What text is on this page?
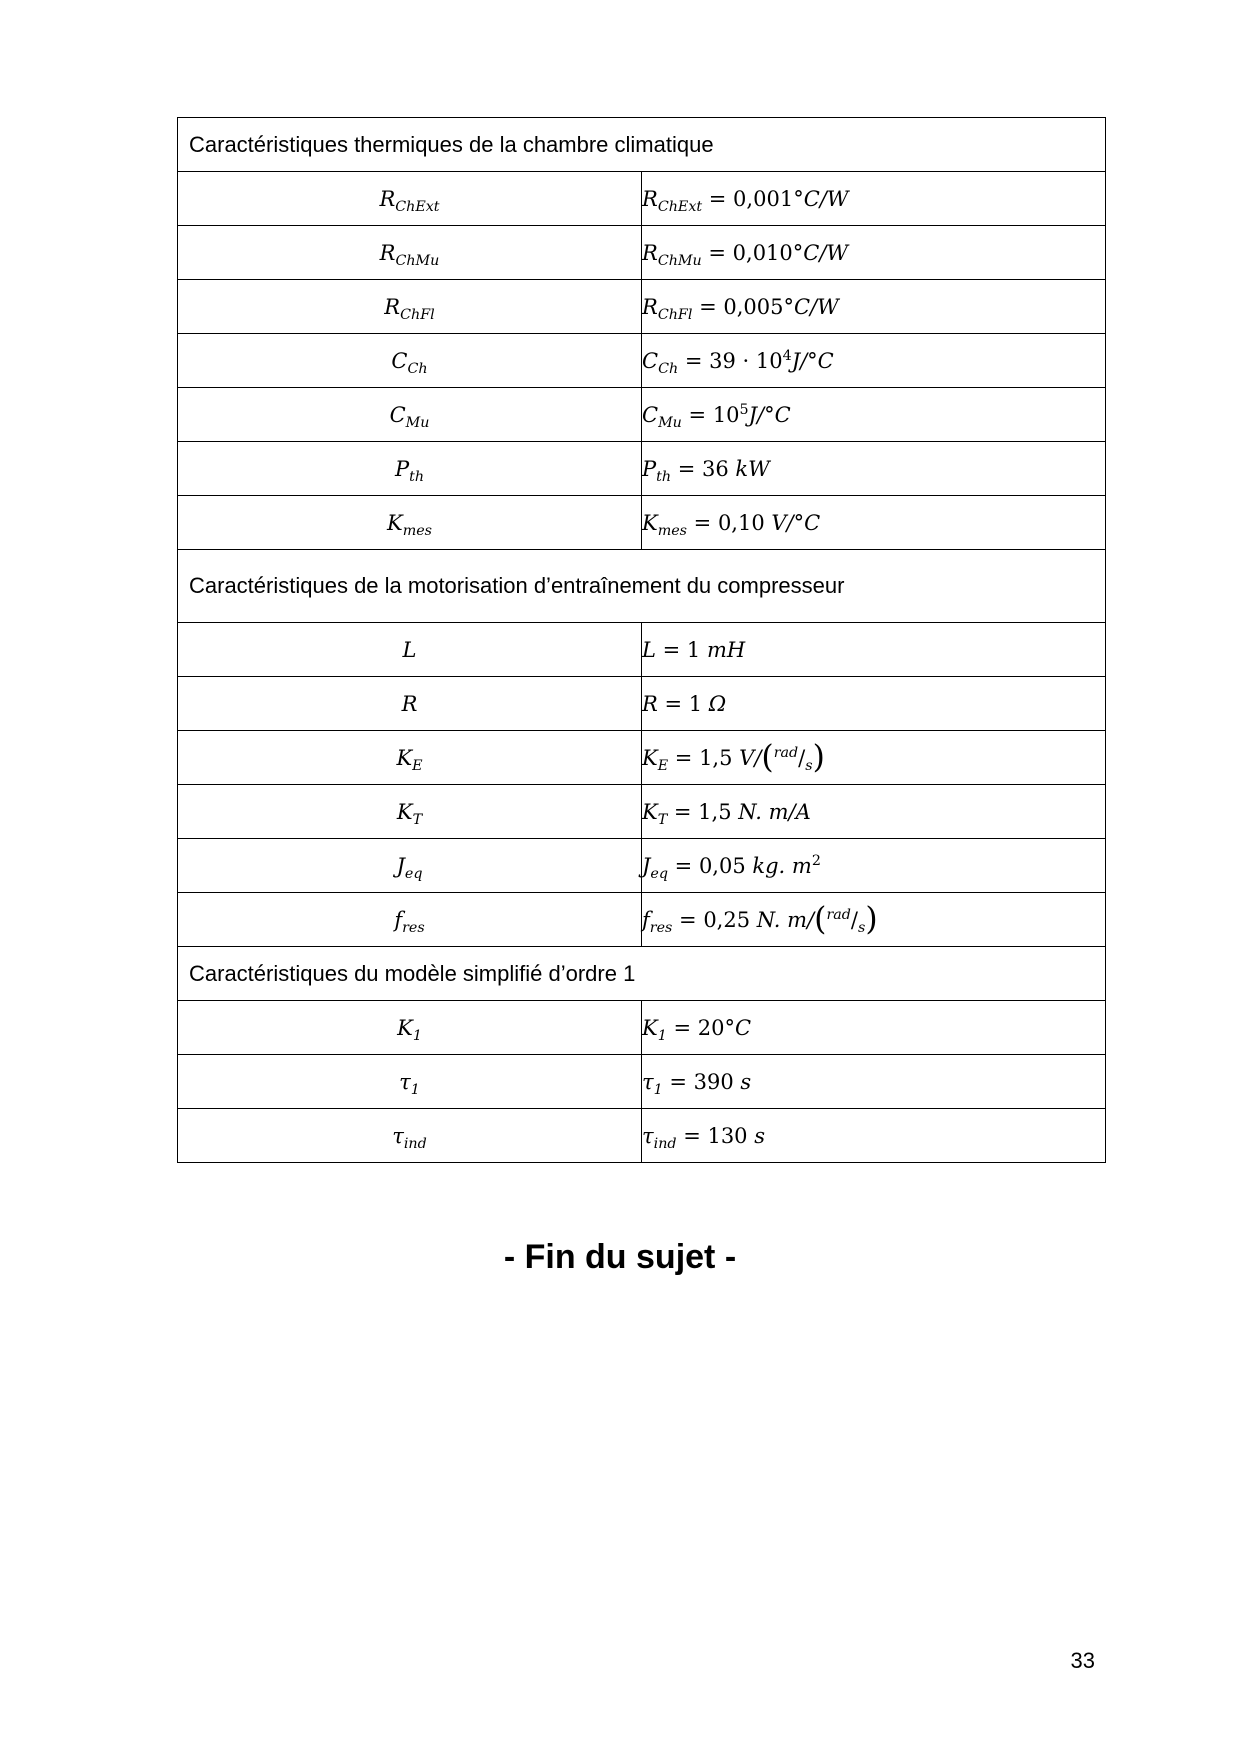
Caractéristiques thermiques de la chambre climatique	
$R_{ChExt}$	$R_{ChExt} = 0,001^\circ C/W$
$R_{ChMu}$	$R_{ChMu} = 0,010^\circ C/W$
$R_{ChFl}$	$R_{ChFl} = 0,005^\circ C/W$
$C_{Ch}$	$C_{Ch} = 39 \cdot 10^4J/^\circ C$
$C_{Mu}$	$C_{Mu} = 10^5J/^\circ C$
$P_{th}$	$P_{th} = 36$ kW
$K_{mes}$	$K_{mes} = 0,10$ V/°C
Caractéristiques de la motorisation d’entraînement du compresseur	
L	L = 1 mH
R	R = 1 Ω
$K_E$	$K_E = 1,5$ $V/(^{rad}/_s)$
$K_T$	$K_T = 1,5$ N. m/A
$J_{eq}$	$J_{eq} = 0,05$ kg. $m^2$
$f_{res}$	$f_{res} = 0,25$ N. $m/(^{rad}/_s)$
Caractéristiques du modèle simplifié d’ordre 1	
$K_1$	$K_1 = 20^\circ C$
$\tau_1$	$\tau_1 = 390$ s
$\tau_{ind}$	$\tau_{ind} = 130$ s
- Fin du sujet -
33
